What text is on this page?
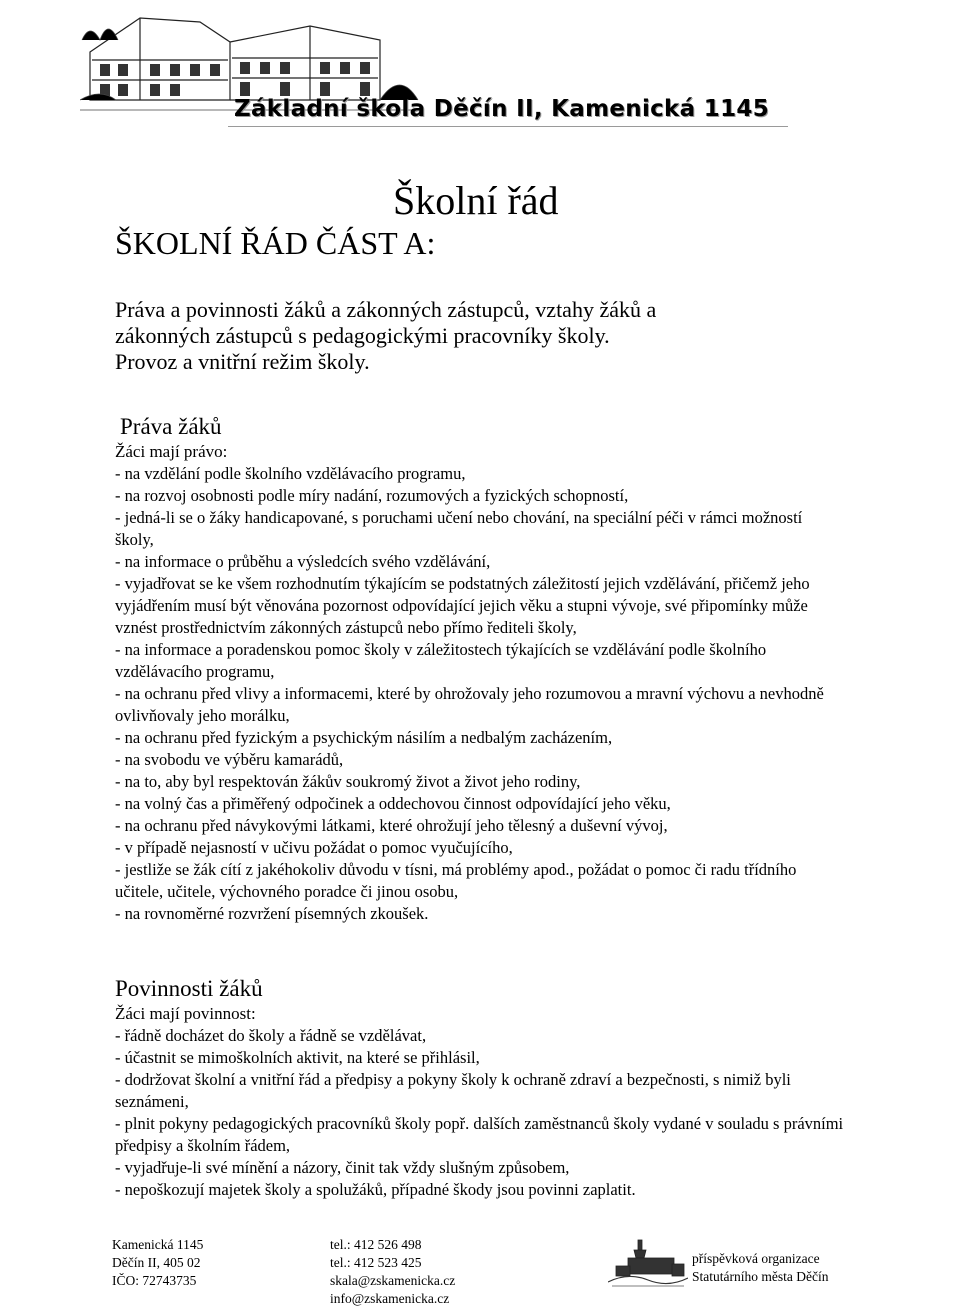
Základní škola Děčín II, Kamenická 1145
Školní řád
ŠKOLNÍ ŘÁD ČÁST A:
Práva a povinnosti žáků a zákonných zástupců, vztahy žáků a
zákonných zástupců s pedagogickými pracovníky školy.
Provoz a vnitřní režim školy.
Práva žáků
Žáci mají právo:
- na vzdělání podle školního vzdělávacího programu,
- na rozvoj osobnosti podle míry nadání, rozumových a fyzických schopností,
- jedná-li se o žáky handicapované, s poruchami učení nebo chování, na speciální péči v rámci možností školy,
- na informace o průběhu a výsledcích svého vzdělávání,
- vyjadřovat se ke všem rozhodnutím týkajícím se podstatných záležitostí jejich vzdělávání, přičemž jeho vyjádřením musí být věnována pozornost odpovídající jejich věku a stupni vývoje, své připomínky může vznést prostřednictvím zákonných zástupců nebo přímo řediteli školy,
- na informace a poradenskou pomoc školy v záležitostech týkajících se vzdělávání podle školního vzdělávacího programu,
- na ochranu před vlivy a informacemi, které by ohrožovaly jeho rozumovou a mravní výchovu a nevhodně ovlivňovaly jeho morálku,
- na ochranu před fyzickým a psychickým násilím a nedbalým zacházením,
- na svobodu ve výběru kamarádů,
- na to, aby byl respektován žákův soukromý život a život jeho rodiny,
- na volný čas a přiměřený odpočinek a oddechovou činnost odpovídající jeho věku,
- na ochranu před návykovými látkami, které ohrožují jeho tělesný a duševní vývoj,
- v případě nejasností v učivu požádat o pomoc vyučujícího,
- jestliže se žák cítí z jakéhokoliv důvodu v tísni, má problémy apod., požádat o pomoc či radu třídního učitele, učitele, výchovného poradce či jinou osobu,
- na rovnoměrné rozvržení písemných zkoušek.
Povinnosti žáků
Žáci mají povinnost:
- řádně docházet do školy a řádně se vzdělávat,
- účastnit se mimoškolních aktivit, na které se přihlásil,
- dodržovat školní a vnitřní řád a předpisy a pokyny školy k ochraně zdraví a bezpečnosti, s nimiž byli seznámeni,
- plnit pokyny pedagogických pracovníků školy popř. dalších zaměstnanců školy vydané v souladu s právními předpisy a školním řádem,
- vyjadřuje-li své mínění a názory, činit tak vždy slušným způsobem,
- nepoškozují majetek školy a spolužáků, případné škody jsou povinni zaplatit.
Kamenická 1145
Děčín II, 405 02
IČO: 72743735
tel.: 412 526 498
tel.: 412 523 425
skala@zskamenicka.cz
info@zskamenicka.cz
příspěvková organizace
Statutárního města Děčín
